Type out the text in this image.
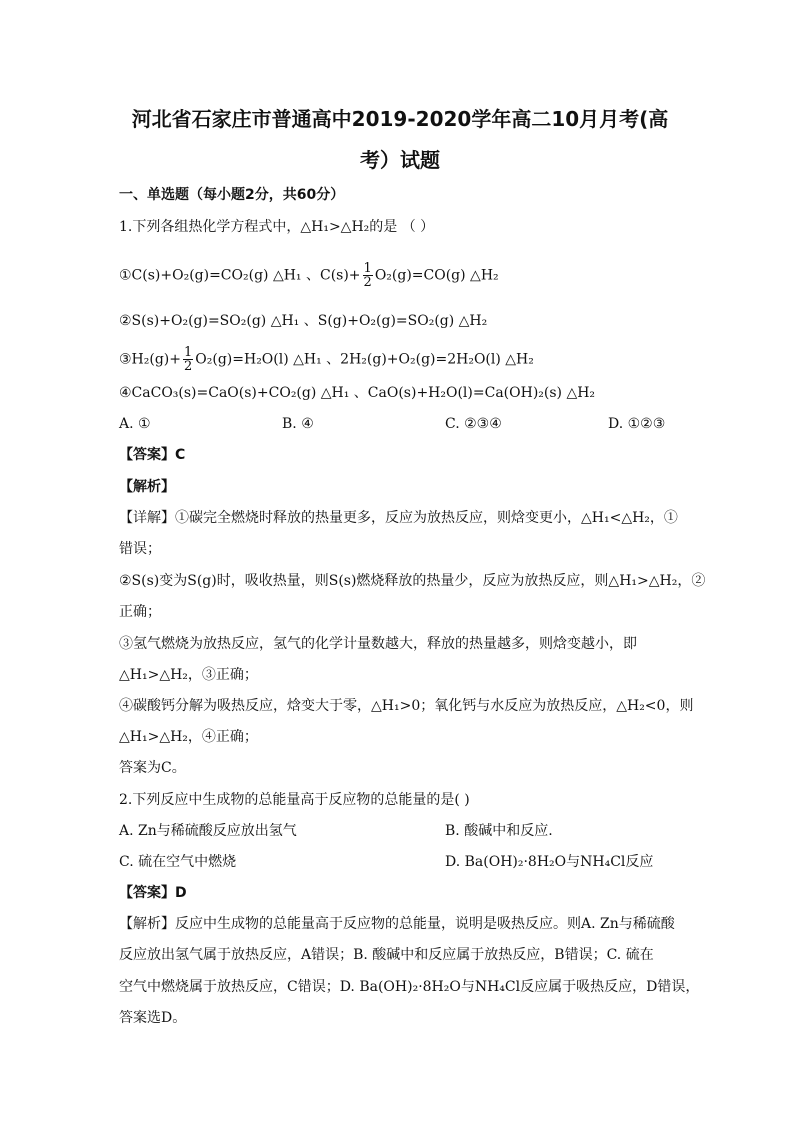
河北省石家庄市普通高中2019-2020学年高二10月月考(高
考）试题
一、单选题（每小题2分，共60分）
1.下列各组热化学方程式中，△H₁>△H₂的是 （ ）
①C(s)+O₂(g)=CO₂(g) △H₁ 、$C(s)+ \frac{1}{2} O_2(g)=CO(g)$ △H₂
②S(s)+O₂(g)=SO₂(g) △H₁ 、S(g)+O₂(g)=SO₂(g) △H₂
③H₂(g)+ $\frac{1}{2} O_2(g)=H_2O(l)$ △H₁ 、2H₂(g)+O₂(g)=2H₂O(l) △H₂
④CaCO₃(s)=CaO(s)+CO₂(g) △H₁ 、CaO(s)+H₂O(l)=Ca(OH)₂(s) △H₂
A. ①	B. ④	C. ②③④	D. ①②③
【答案】C
【解析】
【详解】①碳完全燃烧时释放的热量更多，反应为放热反应，则焓变更小，△H₁<△H₂，①
错误；
②S(s)变为S(g)时，吸收热量，则S(s)燃烧释放的热量少，反应为放热反应，则△H₁>△H₂，②
正确；
③氢气燃烧为放热反应，氢气的化学计量数越大，释放的热量越多，则焓变越小，即
△H₁>△H₂，③正确；
④碳酸钙分解为吸热反应，焓变大于零，△H₁>0；氧化钙与水反应为放热反应，△H₂<0，则
△H₁>△H₂，④正确；
答案为C。
2.下列反应中生成物的总能量高于反应物的总能量的是( )
A. Zn与稀硫酸反应放出氢气	B. 酸碱中和反应.
C. 硫在空气中燃烧	D. Ba(OH)₂·8H₂O与NH₄Cl反应
【答案】D
【解析】反应中生成物的总能量高于反应物的总能量，说明是吸热反应。则A. Zn与稀硫酸
反应放出氢气属于放热反应，A错误；B. 酸碱中和反应属于放热反应，B错误；C. 硫在
空气中燃烧属于放热反应，C错误；D. Ba(OH)₂·8H₂O与NH₄Cl反应属于吸热反应，D错误，
答案选D。
